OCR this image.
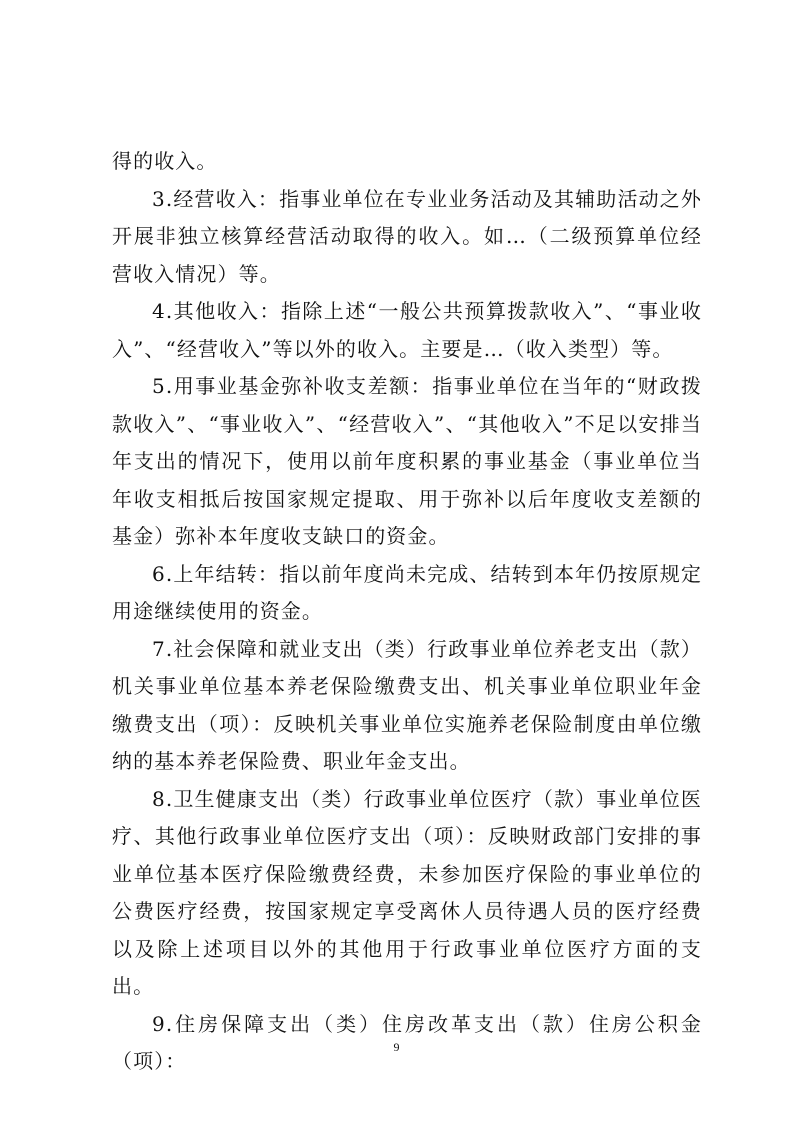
得的收入。

3.经营收入：指事业单位在专业业务活动及其辅助活动之外开展非独立核算经营活动取得的收入。如…（二级预算单位经营收入情况）等。

4.其他收入：指除上述“一般公共预算拨款收入”、“事业收入”、“经营收入”等以外的收入。主要是…（收入类型）等。

5.用事业基金弥补收支差额：指事业单位在当年的“财政拨款收入”、“事业收入”、“经营收入”、“其他收入”不足以安排当年支出的情况下，使用以前年度积累的事业基金（事业单位当年收支相抵后按国家规定提取、用于弥补以后年度收支差额的基金）弥补本年度收支缺口的资金。

6.上年结转：指以前年度尚未完成、结转到本年仍按原规定用途继续使用的资金。

7.社会保障和就业支出（类）行政事业单位养老支出（款）机关事业单位基本养老保险缴费支出、机关事业单位职业年金缴费支出（项）：反映机关事业单位实施养老保险制度由单位缴纳的基本养老保险费、职业年金支出。

8.卫生健康支出（类）行政事业单位医疗（款）事业单位医疗、其他行政事业单位医疗支出（项）：反映财政部门安排的事业单位基本医疗保险缴费经费，未参加医疗保险的事业单位的公费医疗经费，按国家规定享受离休人员待遇人员的医疗经费以及除上述项目以外的其他用于行政事业单位医疗方面的支出。

9.住房保障支出（类）住房改革支出（款）住房公积金（项）：

9
